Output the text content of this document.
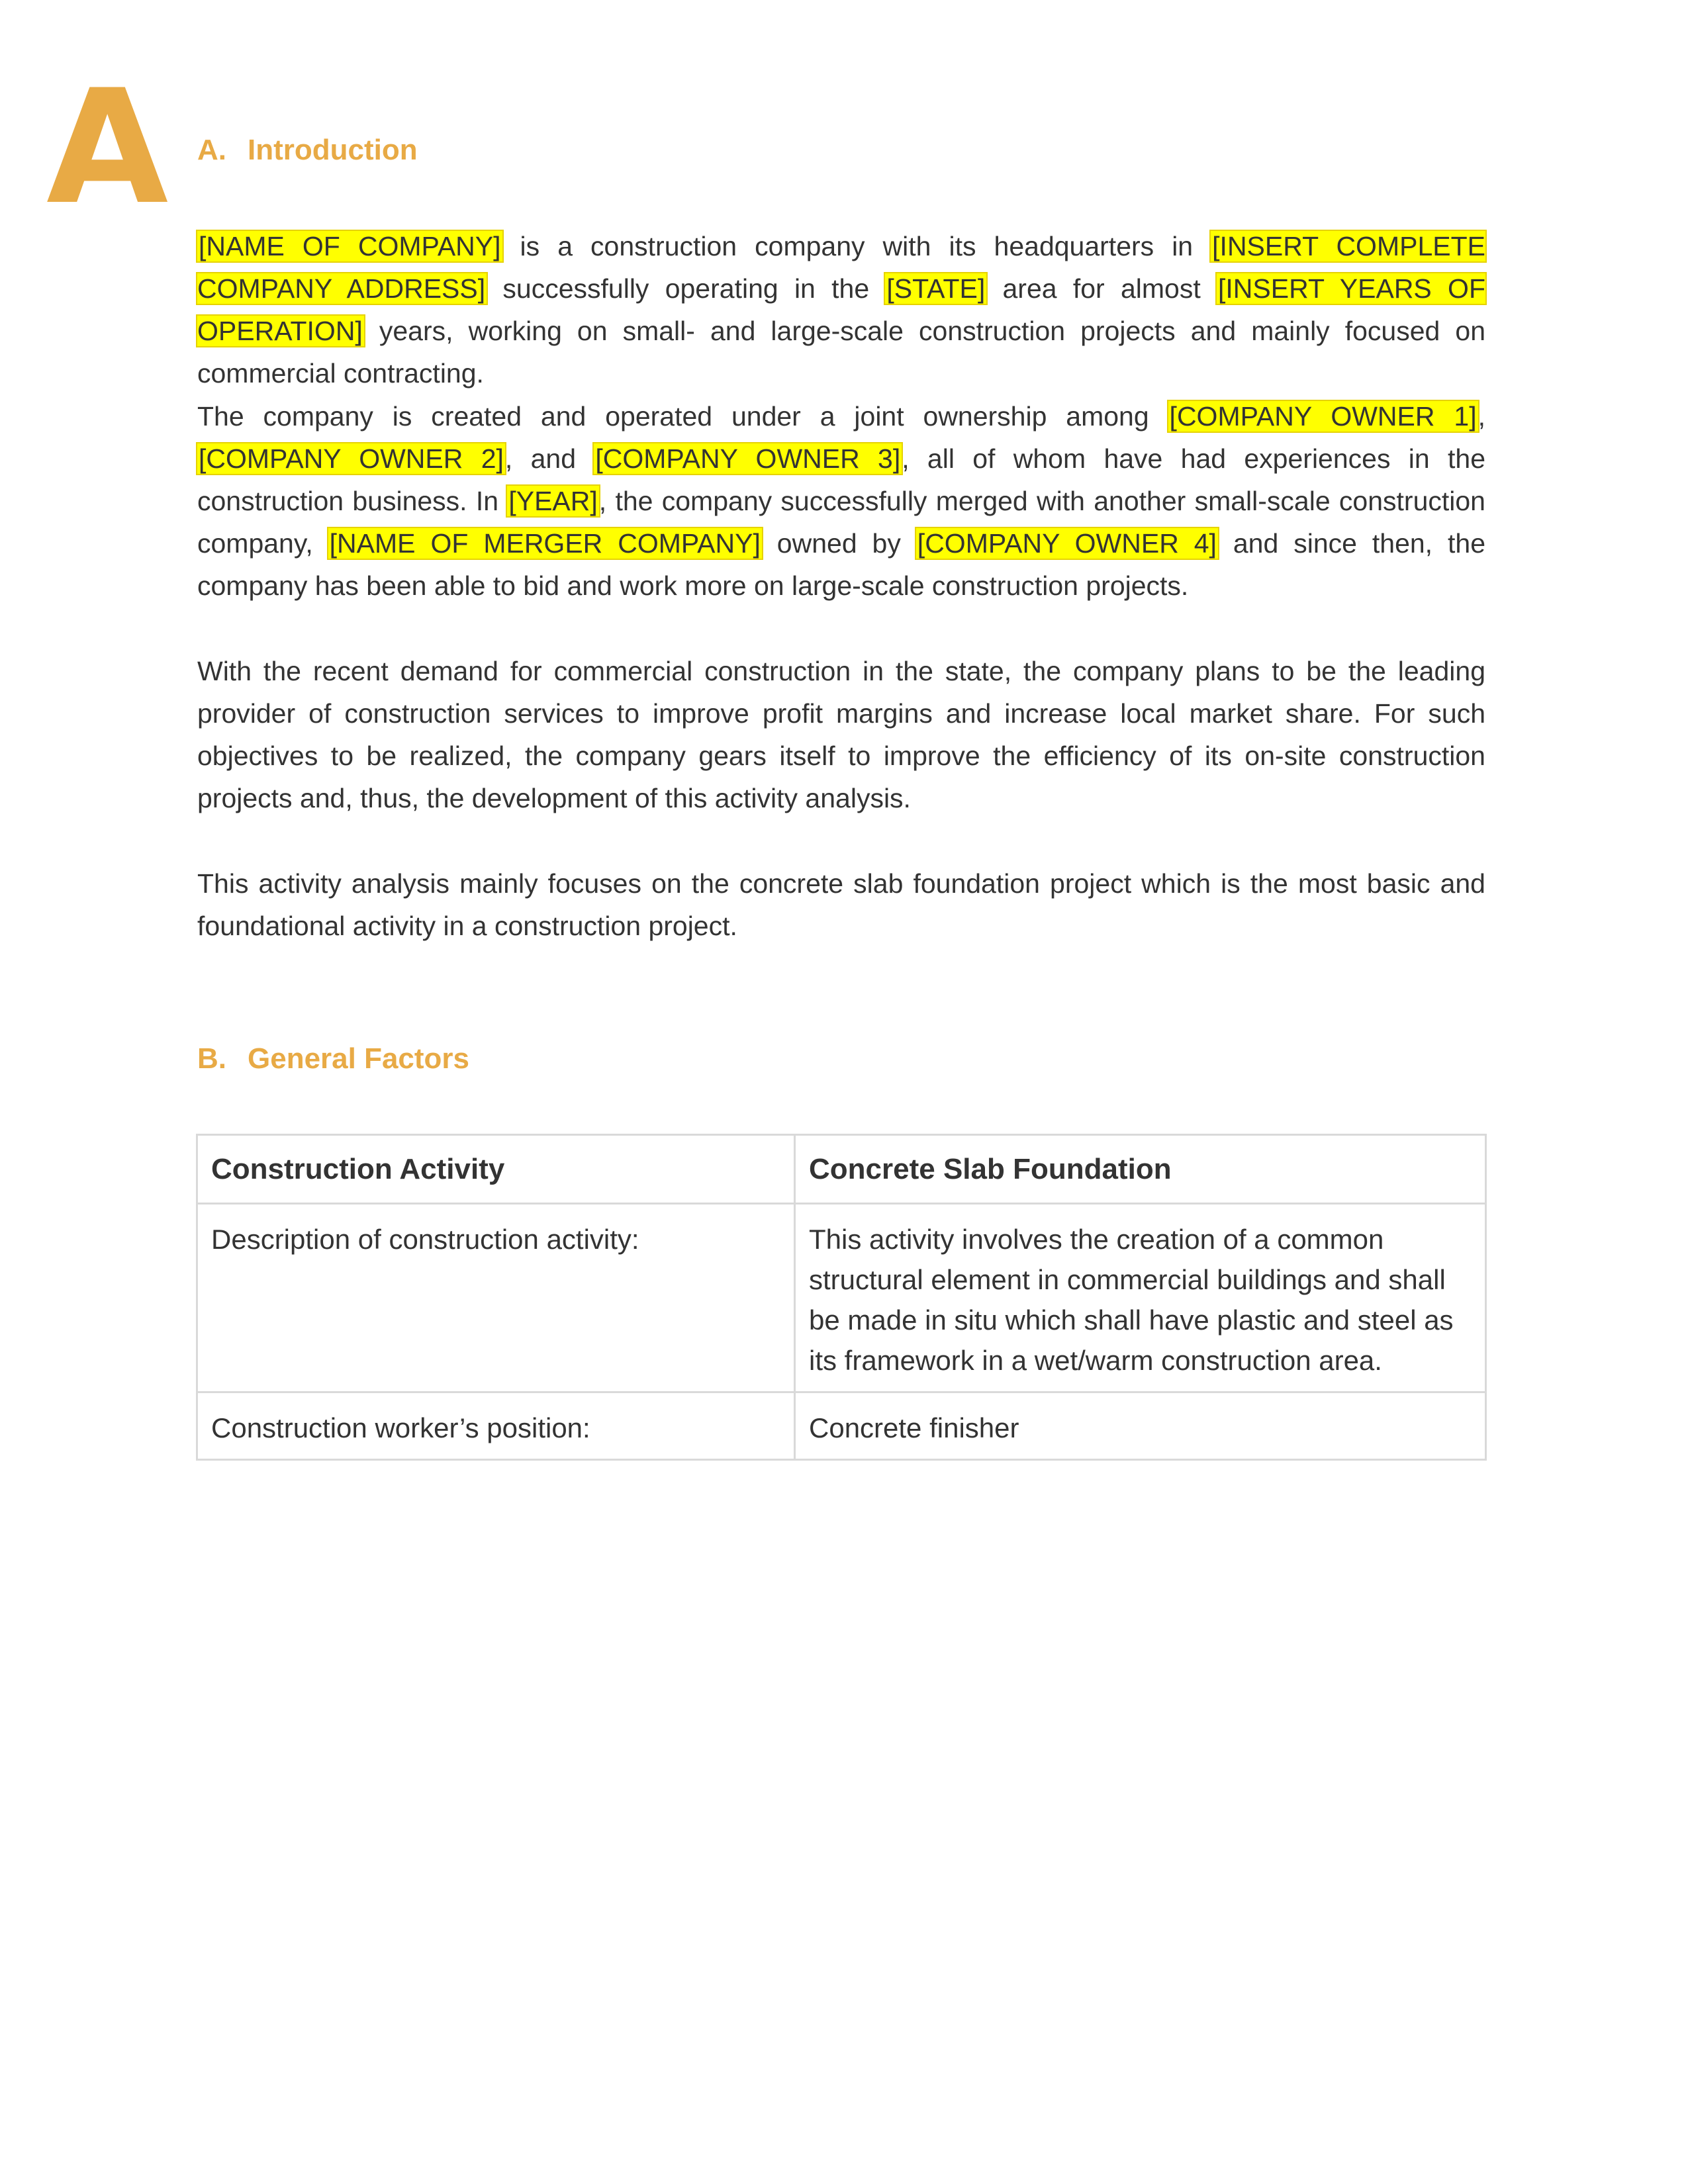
A A. Introduction

[NAME OF COMPANY] is a construction company with its headquarters in [INSERT COMPLETE COMPANY ADDRESS] successfully operating in the [STATE] area for almost [INSERT YEARS OF OPERATION] years, working on small- and large-scale construction projects and mainly focused on commercial contracting.

The company is created and operated under a joint ownership among [COMPANY OWNER 1], [COMPANY OWNER 2], and [COMPANY OWNER 3], all of whom have had experiences in the construction business. In [YEAR], the company successfully merged with another small-scale construction company, [NAME OF MERGER COMPANY] owned by [COMPANY OWNER 4] and since then, the company has been able to bid and work more on large-scale construction projects.

With the recent demand for commercial construction in the state, the company plans to be the leading provider of construction services to improve profit margins and increase local market share. For such objectives to be realized, the company gears itself to improve the efficiency of its on-site construction projects and, thus, the development of this activity analysis.

This activity analysis mainly focuses on the concrete slab foundation project which is the most basic and foundational activity in a construction project.

B. General Factors
Construction Activity	Concrete Slab Foundation
Description of construction activity:	This activity involves the creation of a common structural element in commercial buildings and shall be made in situ which shall have plastic and steel as its framework in a wet/warm construction area.
Construction worker’s position:	Concrete finisher
